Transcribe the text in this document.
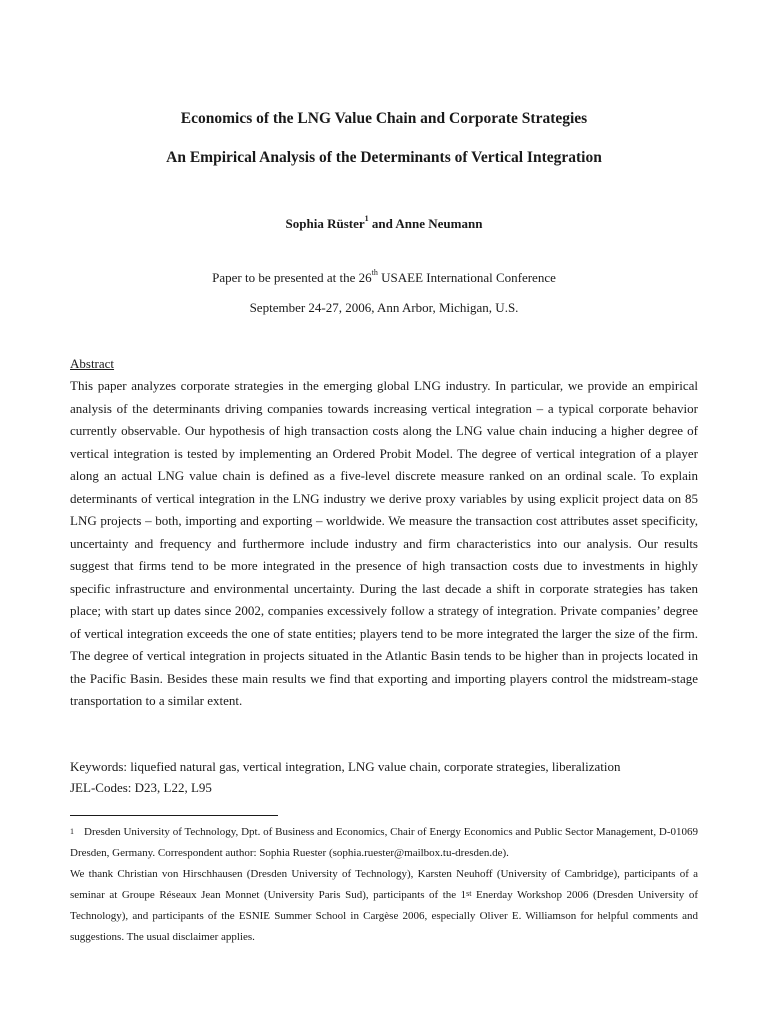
Economics of the LNG Value Chain and Corporate Strategies
An Empirical Analysis of the Determinants of Vertical Integration
Sophia Rüster$^1$ and Anne Neumann
Paper to be presented at the 26th USAEE International Conference
September 24-27, 2006, Ann Arbor, Michigan, U.S.
Abstract

This paper analyzes corporate strategies in the emerging global LNG industry. In particular, we provide an empirical analysis of the determinants driving companies towards increasing vertical integration – a typical corporate behavior currently observable. Our hypothesis of high transaction costs along the LNG value chain inducing a higher degree of vertical integration is tested by implementing an Ordered Probit Model. The degree of vertical integration of a player along an actual LNG value chain is defined as a five-level discrete measure ranked on an ordinal scale. To explain determinants of vertical integration in the LNG industry we derive proxy variables by using explicit project data on 85 LNG projects – both, importing and exporting – worldwide. We measure the transaction cost attributes asset specificity, uncertainty and frequency and furthermore include industry and firm characteristics into our analysis. Our results suggest that firms tend to be more integrated in the presence of high transaction costs due to investments in highly specific infrastructure and environmental uncertainty. During the last decade a shift in corporate strategies has taken place; with start up dates since 2002, companies excessively follow a strategy of integration. Private companies’ degree of vertical integration exceeds the one of state entities; players tend to be more integrated the larger the size of the firm. The degree of vertical integration in projects situated in the Atlantic Basin tends to be higher than in projects located in the Pacific Basin. Besides these main results we find that exporting and importing players control the midstream-stage transportation to a similar extent.

Keywords: liquefied natural gas, vertical integration, LNG value chain, corporate strategies, liberalization

JEL-Codes: D23, L22, L95

$^1$ Dresden University of Technology, Dpt. of Business and Economics, Chair of Energy Economics and Public Sector Management, D-01069 Dresden, Germany. Correspondent author: Sophia Ruester (sophia.ruester@mailbox.tu-dresden.de).

We thank Christian von Hirschhausen (Dresden University of Technology), Karsten Neuhoff (University of Cambridge), participants of a seminar at Groupe Réseaux Jean Monnet (University Paris Sud), participants of the 1st Enerday Workshop 2006 (Dresden University of Technology), and participants of the ESNIE Summer School in Cargèse 2006, especially Oliver E. Williamson for helpful comments and suggestions. The usual disclaimer applies.
